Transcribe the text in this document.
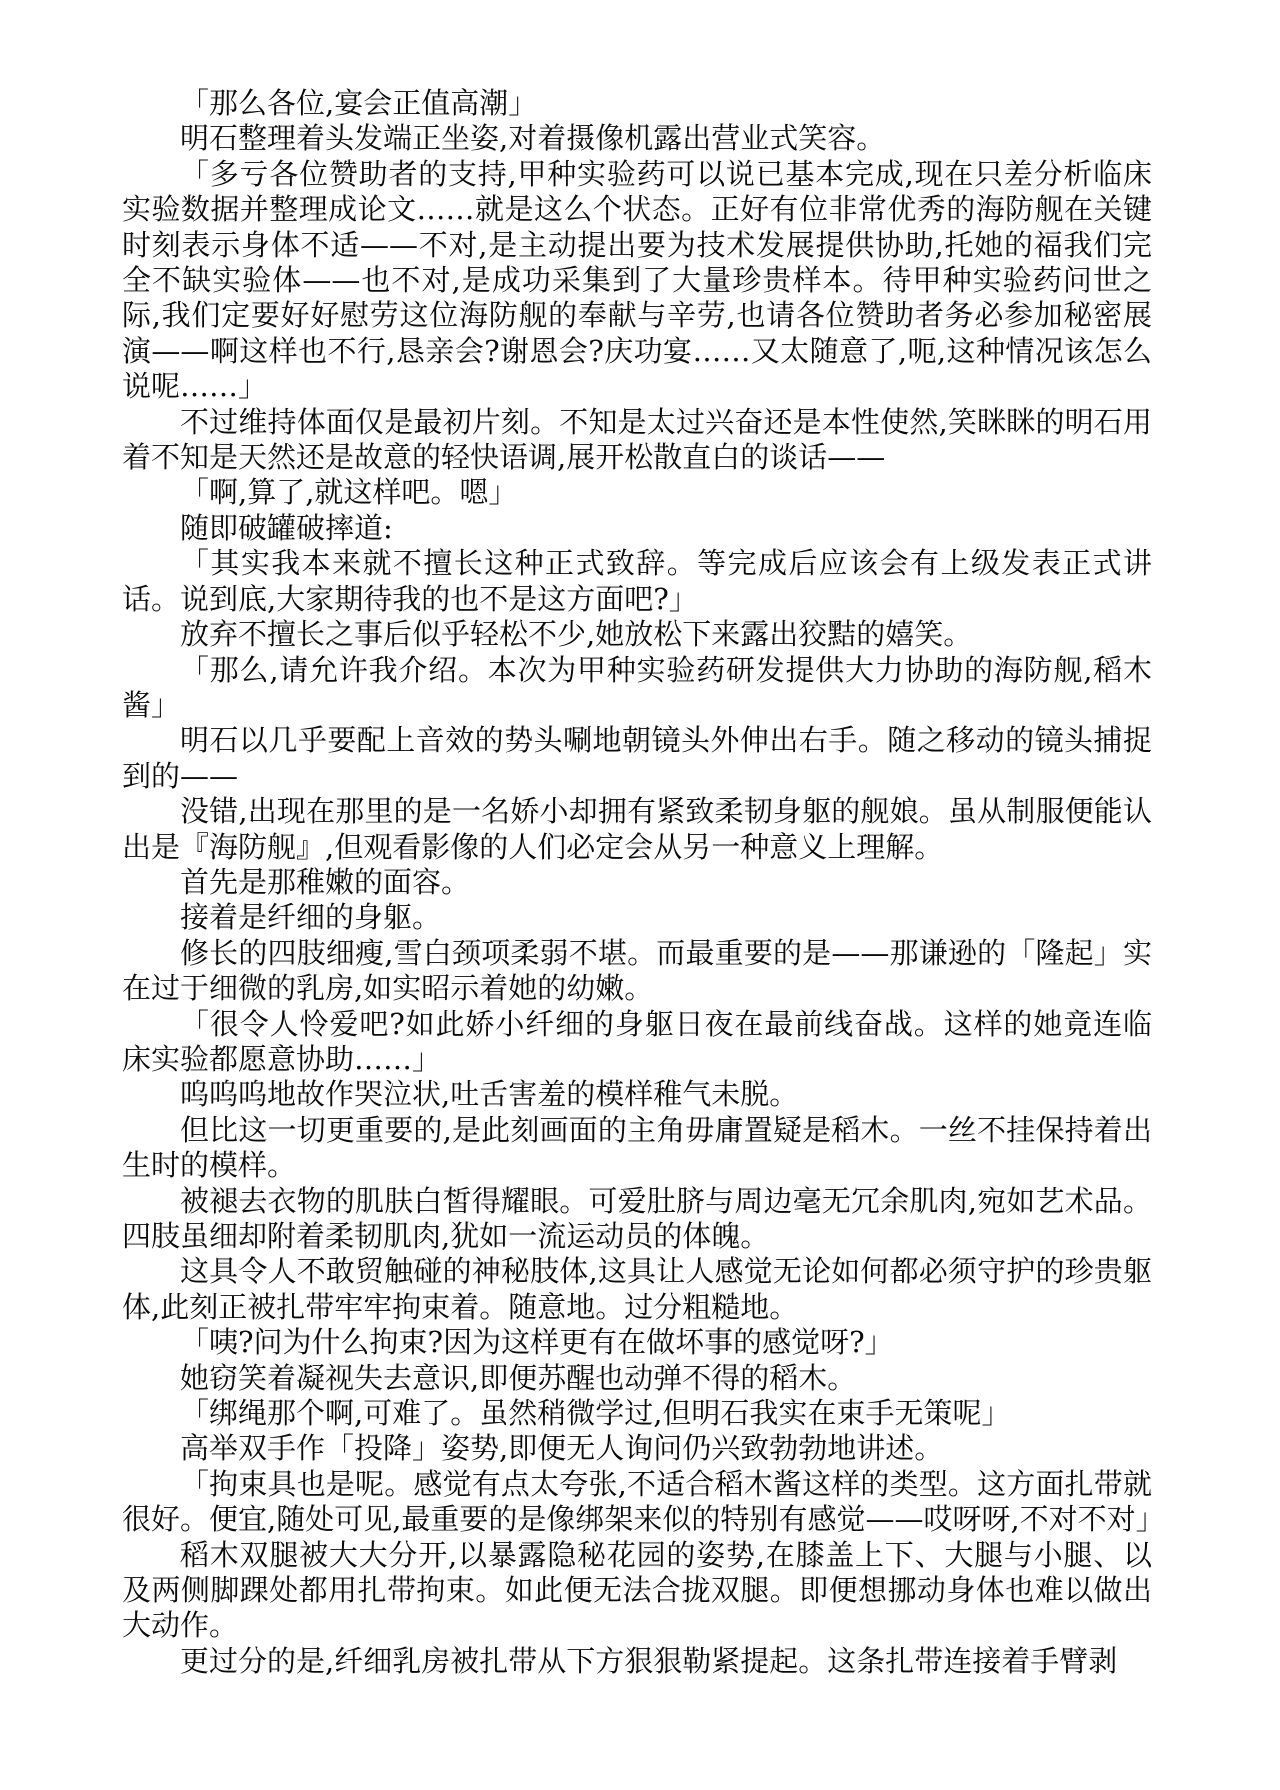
「那么各位,宴会正值高潮」

明石整理着头发端正坐姿,对着摄像机露出营业式笑容。

「多亏各位赞助者的支持,甲种实验药可以说已基本完成,现在只差分析临床实验数据并整理成论文……就是这么个状态。正好有位非常优秀的海防舰在关键时刻表示身体不适——不对,是主动提出要为技术发展提供协助,托她的福我们完全不缺实验体——也不对,是成功采集到了大量珍贵样本。待甲种实验药问世之际,我们定要好好慰劳这位海防舰的奉献与辛劳,也请各位赞助者务必参加秘密展演——啊这样也不行,恳亲会?谢恩会?庆功宴……又太随意了,呃,这种情况该怎么说呢……」

不过维持体面仅是最初片刻。不知是太过兴奋还是本性使然,笑眯眯的明石用着不知是天然还是故意的轻快语调,展开松散直白的谈话——

「啊,算了,就这样吧。嗯」

随即破罐破摔道:

「其实我本来就不擅长这种正式致辞。等完成后应该会有上级发表正式讲话。说到底,大家期待我的也不是这方面吧?」

放弃不擅长之事后似乎轻松不少,她放松下来露出狡黠的嬉笑。

「那么,请允许我介绍。本次为甲种实验药研发提供大力协助的海防舰,稻木酱」

明石以几乎要配上音效的势头唰地朝镜头外伸出右手。随之移动的镜头捕捉到的——

没错,出现在那里的是一名娇小却拥有紧致柔韧身躯的舰娘。虽从制服便能认出是『海防舰』,但观看影像的人们必定会从另一种意义上理解。

首先是那稚嫩的面容。

接着是纤细的身躯。

修长的四肢细瘦,雪白颈项柔弱不堪。而最重要的是——那谦逊的「隆起」实在过于细微的乳房,如实昭示着她的幼嫩。

「很令人怜爱吧?如此娇小纤细的身躯日夜在最前线奋战。这样的她竟连临床实验都愿意协助……」

呜呜呜地故作哭泣状,吐舌害羞的模样稚气未脱。

但比这一切更重要的,是此刻画面的主角毋庸置疑是稻木。一丝不挂保持着出生时的模样。

被褪去衣物的肌肤白皙得耀眼。可爱肚脐与周边毫无冗余肌肉,宛如艺术品。四肢虽细却附着柔韧肌肉,犹如一流运动员的体魄。

这具令人不敢贸触碰的神秘肢体,这具让人感觉无论如何都必须守护的珍贵躯体,此刻正被扎带牢牢拘束着。随意地。过分粗糙地。

「咦?问为什么拘束?因为这样更有在做坏事的感觉呀?」

她窃笑着凝视失去意识,即便苏醒也动弹不得的稻木。

「绑绳那个啊,可难了。虽然稍微学过,但明石我实在束手无策呢」

高举双手作「投降」姿势,即便无人询问仍兴致勃勃地讲述。

「拘束具也是呢。感觉有点太夸张,不适合稻木酱这样的类型。这方面扎带就很好。便宜,随处可见,最重要的是像绑架来似的特别有感觉——哎呀呀,不对不对」

稻木双腿被大大分开,以暴露隐秘花园的姿势,在膝盖上下、大腿与小腿、以及两侧脚踝处都用扎带拘束。如此便无法合拢双腿。即便想挪动身体也难以做出大动作。

更过分的是,纤细乳房被扎带从下方狠狠勒紧提起。这条扎带连接着手臂剥
